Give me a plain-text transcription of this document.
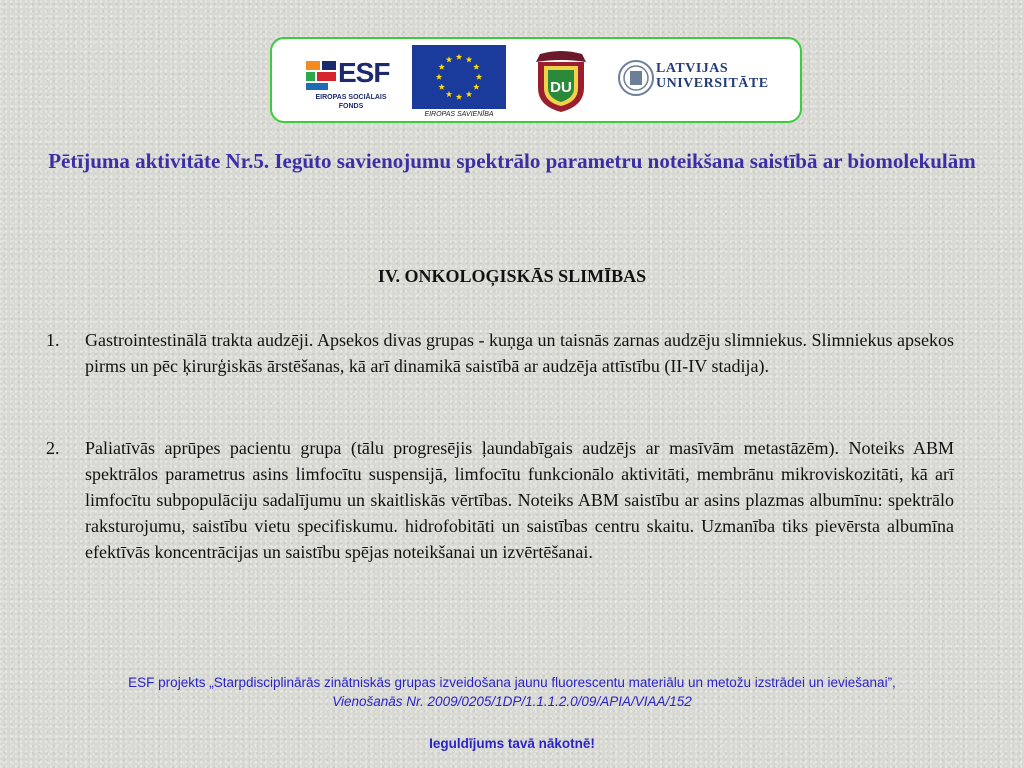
ESF
EIROPAS SOCIĀLAIS FONDS
EIROPAS SAVIENĪBA
DU
LATVIJAS
UNIVERSITĀTE
Pētījuma aktivitāte Nr.5. Iegūto savienojumu spektrālo parametru noteikšana saistībā ar biomolekulām
IV. ONKOLOĢISKĀS SLIMĪBAS
1. Gastrointestinālā trakta audzēji. Apsekos divas grupas - kuņga un taisnās zarnas audzēju slimniekus. Slimniekus apsekos pirms un pēc ķirurģiskās ārstēšanas, kā arī dinamikā saistībā ar audzēja attīstību (II-IV stadija).
2. Paliatīvās aprūpes pacientu grupa (tālu progresējis ļaundabīgais audzējs ar masīvām metastāzēm). Noteiks ABM spektrālos parametrus asins limfocītu suspensijā, limfocītu funkcionālo aktivitāti, membrānu mikroviskozitāti, kā arī limfocītu subpopulāciju sadalījumu un skaitliskās vērtības. Noteiks ABM saistību ar asins plazmas albumīnu: spektrālo raksturojumu, saistību vietu specifiskumu. hidrofobitāti un saistības centru skaitu. Uzmanība tiks pievērsta albumīna efektīvās koncentrācijas un saistību spējas noteikšanai un izvērtēšanai.
ESF projekts „Starpdisciplinārās zinātniskās grupas izveidošana jaunu fluorescentu materiālu un metožu izstrādei un ieviešanai”,
Vienošanās Nr. 2009/0205/1DP/1.1.1.2.0/09/APIA/VIAA/152
Ieguldījums tavā nākotnē!
